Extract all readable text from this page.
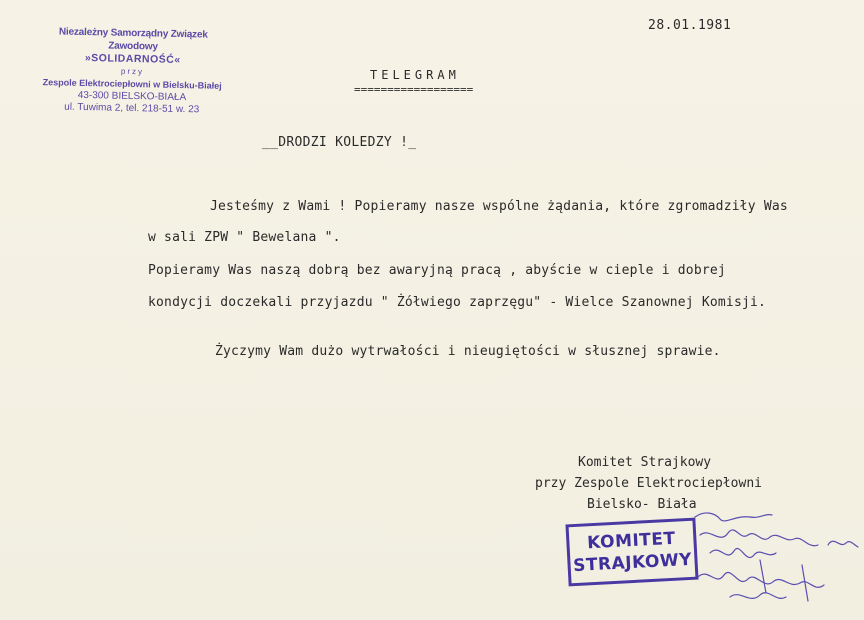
Niezależny Samorządny Związek Zawodowy
»SOLIDARNOŚĆ«
przy
Zespole Elektrociepłowni w Bielsku-Białej
43-300 BIELSKO-BIAŁA
ul. Tuwima 2, tel. 218-51 w. 23
28.01.1981
TELEGRAM
==================
__DRODZI KOLEDZY !_
Jesteśmy z Wami ! Popieramy nasze wspólne żądania, które zgromadziły Was
w sali ZPW " Bewelana ".
Popieramy Was naszą dobrą bez awaryjną pracą , abyście w cieple i dobrej
kondycji doczekali przyjazdu " Żółwiego zaprzęgu" - Wielce Szanownej Komisji.
Życzymy Wam dużo wytrwałości i nieugiętości w słusznej sprawie.
Komitet Strajkowy
przy Zespole Elektrociepłowni
Bielsko- Biała
KOMITET
STRAJKOWY
